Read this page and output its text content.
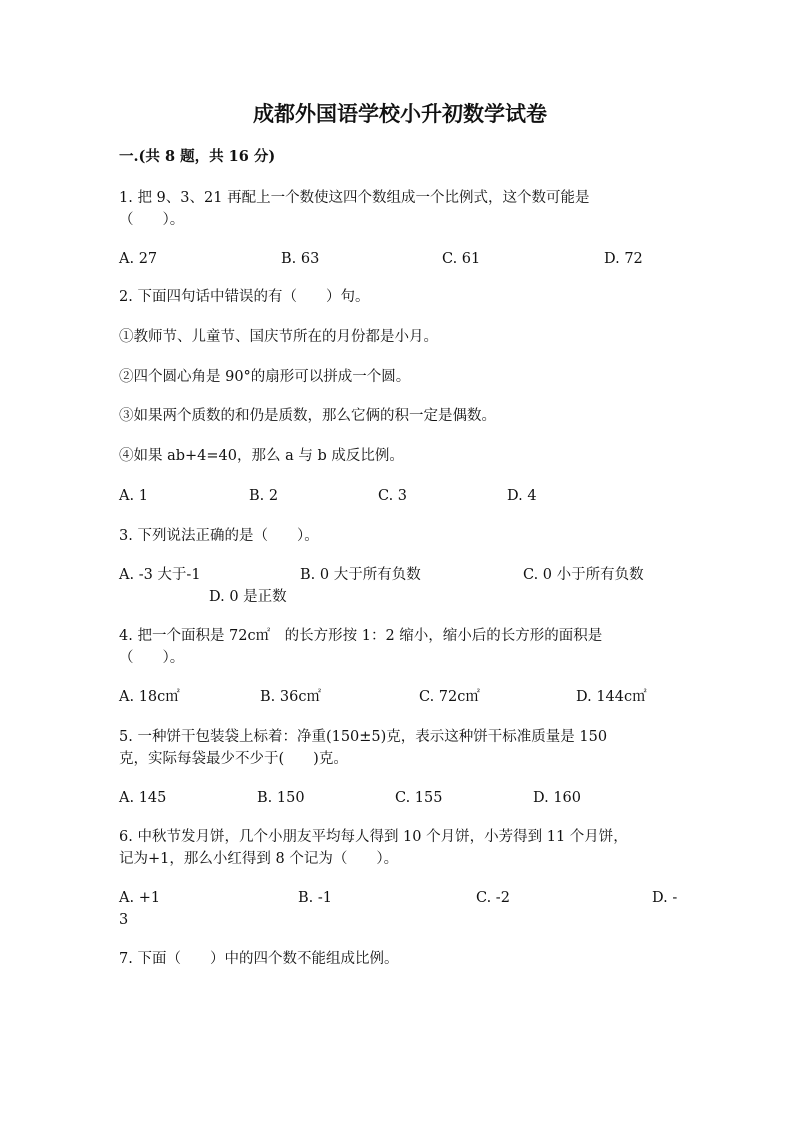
成都外国语学校小升初数学试卷
一.(共 8 题，共 16 分)
1. 把 9、3、21 再配上一个数使这四个数组成一个比例式，这个数可能是
（　　）。
A. 27	B. 63	C. 61	D. 72
2. 下面四句话中错误的有（　　）句。
①教师节、儿童节、国庆节所在的月份都是小月。
②四个圆心角是 90°的扇形可以拼成一个圆。
③如果两个质数的和仍是质数，那么它俩的积一定是偶数。
④如果 ab+4=40，那么 a 与 b 成反比例。
A. 1	B. 2	C. 3	D. 4
3. 下列说法正确的是（　　）。
A. -3 大于-1	B. 0 大于所有负数	C. 0 小于所有负数
D. 0 是正数
4. 把一个面积是 72c㎡　的长方形按 1：2 缩小，缩小后的长方形的面积是
（　　）。
A. 18c㎡	B. 36c㎡	C. 72c㎡	D. 144c㎡
5. 一种饼干包装袋上标着：净重(150±5)克，表示这种饼干标准质量是 150
克，实际每袋最少不少于(　　)克。
A. 145	B. 150	C. 155	D. 160
6. 中秋节发月饼，几个小朋友平均每人得到 10 个月饼，小芳得到 11 个月饼，
记为+1，那么小红得到 8 个记为（　　）。
A. +1	B. -1	C. -2	D. -
3
7. 下面（　　）中的四个数不能组成比例。
